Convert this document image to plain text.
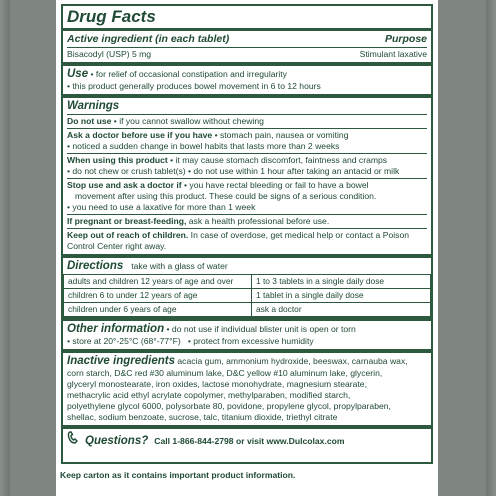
Drug Facts
Active ingredient (in each tablet)	Purpose
Bisacodyl (USP) 5 mg	Stimulant laxative
Use • for relief of occasional constipation and irregularity
• this product generally produces bowel movement in 6 to 12 hours
Warnings
Do not use • if you cannot swallow without chewing
Ask a doctor before use if you have • stomach pain, nausea or vomiting
• noticed a sudden change in bowel habits that lasts more than 2 weeks
When using this product • it may cause stomach discomfort, faintness and cramps
• do not chew or crush tablet(s) • do not use within 1 hour after taking an antacid or milk
Stop use and ask a doctor if • you have rectal bleeding or fail to have a bowel
movement after using this product. These could be signs of a serious condition.
• you need to use a laxative for more than 1 week
If pregnant or breast-feeding, ask a health professional before use.
Keep out of reach of children. In case of overdose, get medical help or contact a Poison
Control Center right away.
Directions take with a glass of water
adults and children 12 years of age and over	1 to 3 tablets in a single daily dose
children 6 to under 12 years of age	1 tablet in a single daily dose
children under 6 years of age	ask a doctor
Other information • do not use if individual blister unit is open or torn
• store at 20°-25°C (68°-77°F)   • protect from excessive humidity
Inactive ingredients acacia gum, ammonium hydroxide, beeswax, carnauba wax,
corn starch, D&C red #30 aluminum lake, D&C yellow #10 aluminum lake, glycerin,
glyceryl monostearate, iron oxides, lactose monohydrate, magnesium stearate,
methacrylic acid ethyl acrylate copolymer, methylparaben, modified starch,
polyethylene glycol 6000, polysorbate 80, povidone, propylene glycol, propylparaben,
shellac, sodium benzoate, sucrose, talc, titanium dioxide, triethyl citrate
Questions? Call 1-866-844-2798 or visit www.Dulcolax.com
Keep carton as it contains important product information.
